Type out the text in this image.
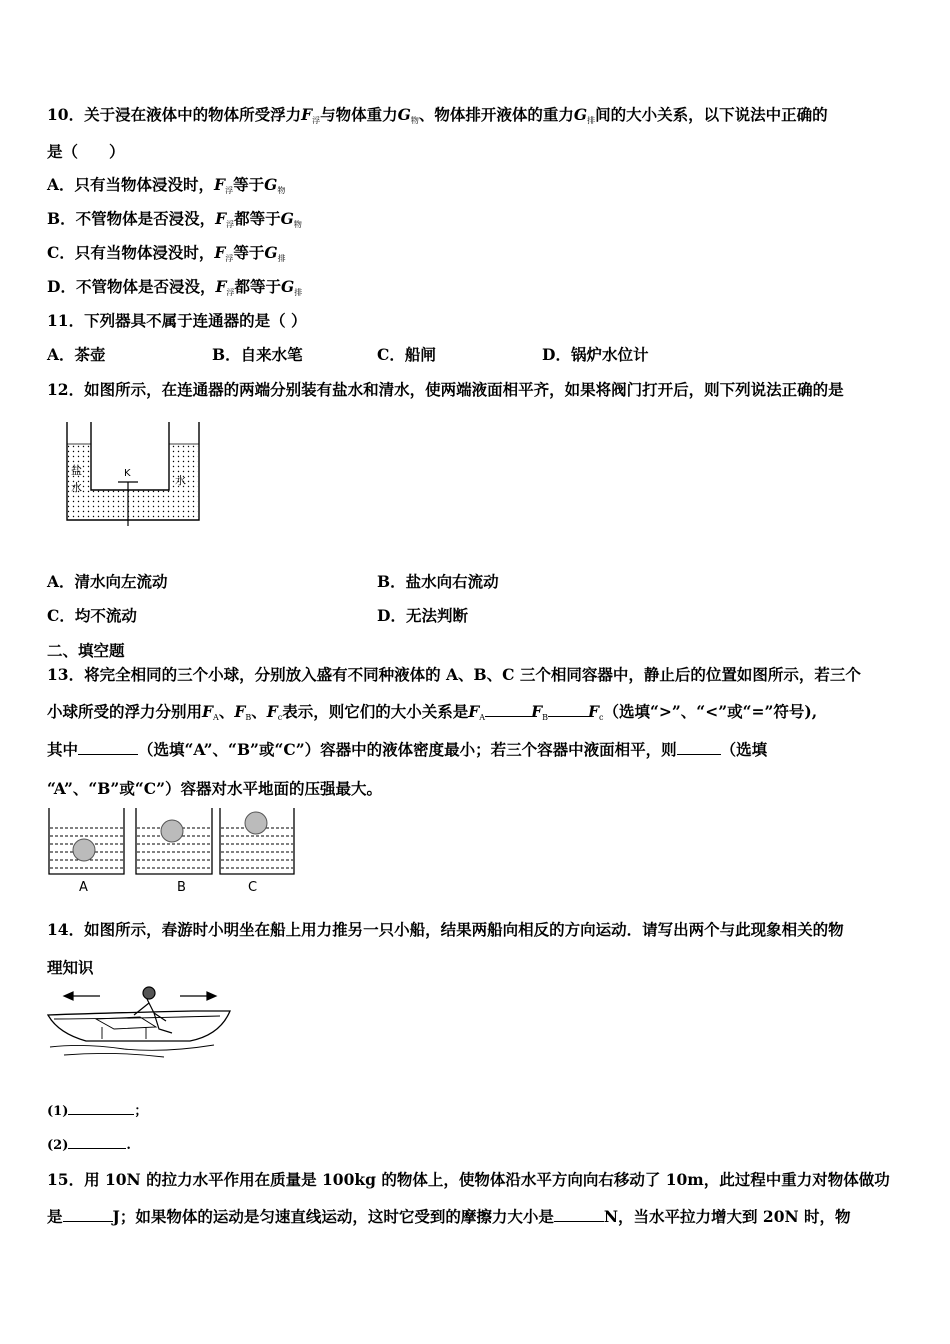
10．关于浸在液体中的物体所受浮力$F_浮$与物体重力$G_物$、物体排开液体的重力$G_排$间的大小关系，以下说法中正确的
是（　　）
A．只有当物体浸没时，$F_浮$等于$G_物$
B．不管物体是否浸没，$F_浮$都等于$G_物$
C．只有当物体浸没时，$F_浮$等于$G_排$
D．不管物体是否浸没，$F_浮$都等于$G_排$
11．下列器具不属于连通器的是（ ）
A．茶壶	B．自来水笔	C．船闸	D．锅炉水位计
12．如图所示，在连通器的两端分别装有盐水和清水，使两端液面相平齐，如果将阀门打开后，则下列说法正确的是
盐
水
K
水
A．清水向左流动	B．盐水向右流动
C．均不流动	D．无法判断
二、填空题
13．将完全相同的三个小球，分别放入盛有不同种液体的 A、B、C 三个相同容器中，静止后的位置如图所示，若三个
小球所受的浮力分别用$F_A$、$F_B$、$F_c$表示，则它们的大小关系是$F_A$	$F_B$	$F_c$（选填“>”、“<”或“=”符号),
其中	（选填“A”、“B”或“C”）容器中的液体密度最小；若三个容器中液面相平，则	（选填
“A”、“B”或“C”）容器对水平地面的压强最大。
A	B	C
14．如图所示，春游时小明坐在船上用力推另一只小船，结果两船向相反的方向运动．请写出两个与此现象相关的物
理知识
(1)	；
(2)	.
15．用 10N 的拉力水平作用在质量是 100kg 的物体上，使物体沿水平方向向右移动了 10m，此过程中重力对物体做功
是	J；如果物体的运动是匀速直线运动，这时它受到的摩擦力大小是	N，当水平拉力增大到 20N 时，物
